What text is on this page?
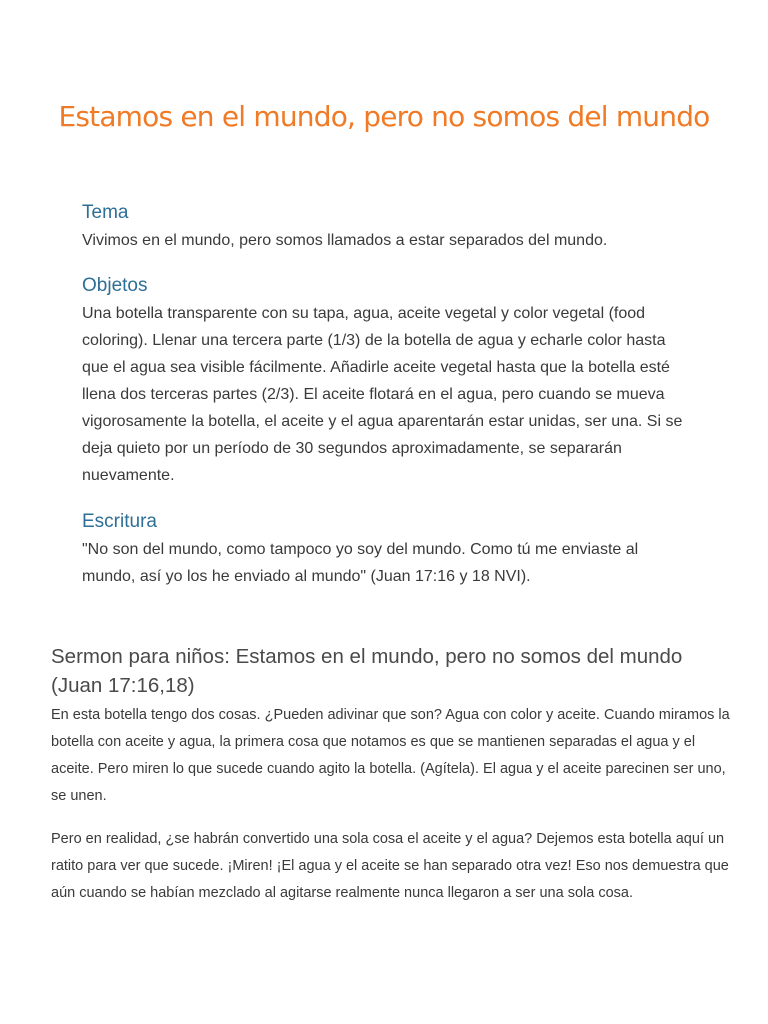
Estamos en el mundo, pero no somos del mundo
Tema

Vivimos en el mundo, pero somos llamados a estar separados del mundo.

Objetos

Una botella transparente con su tapa, agua, aceite vegetal y color vegetal (food coloring). Llenar una tercera parte (1/3) de la botella de agua y echarle color hasta que el agua sea visible fácilmente. Añadirle aceite vegetal hasta que la botella esté llena dos terceras partes (2/3). El aceite flotará en el agua, pero cuando se mueva vigorosamente la botella, el aceite y el agua aparentarán estar unidas, ser una. Si se deja quieto por un período de 30 segundos aproximadamente, se separarán nuevamente.

Escritura

"No son del mundo, como tampoco yo soy del mundo. Como tú me enviaste al mundo, así yo los he enviado al mundo" (Juan 17:16 y 18 NVI).

Sermon para niños: Estamos en el mundo, pero no somos del mundo (Juan 17:16,18)

En esta botella tengo dos cosas. ¿Pueden adivinar que son? Agua con color y aceite. Cuando miramos la botella con aceite y agua, la primera cosa que notamos es que se mantienen separadas el agua y el aceite. Pero miren lo que sucede cuando agito la botella. (Agítela). El agua y el aceite parecinen ser uno, se unen.

Pero en realidad, ¿se habrán convertido una sola cosa el aceite y el agua? Dejemos esta botella aquí un ratito para ver que sucede. ¡Miren! ¡El agua y el aceite se han separado otra vez! Eso nos demuestra que aún cuando se habían mezclado al agitarse realmente nunca llegaron a ser una sola cosa.
